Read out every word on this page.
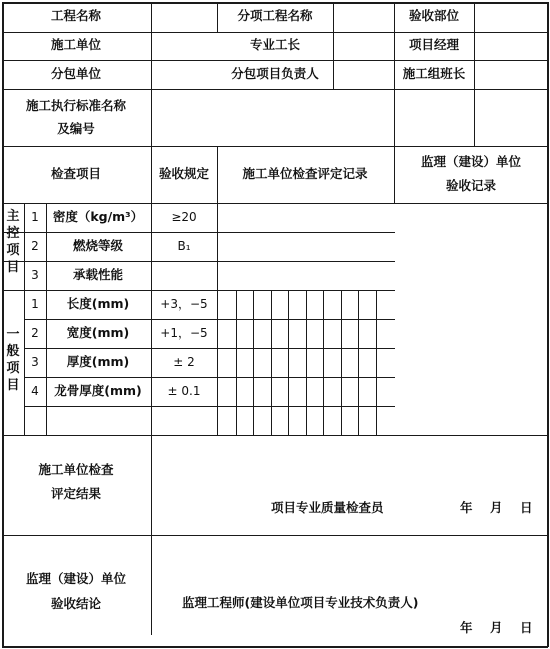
工程名称	分项工程名称	验收部位
施工单位	专业工长	项目经理
分包单位	分包项目负责人	施工组班长
施工执行标准名称
及编号
检查项目	验收规定	施工单位检查评定记录
监理（建设）单位
验收记录
主
控
项
目
1 密度（kg/m³） ≥20
2	燃烧等级	B₁
3	承载性能
一
般
项
目
1 长度(mm)	+3，−5
2 宽度(mm)	+1，−5
3 厚度(mm)	± 2
4 龙骨厚度(mm) ± 0.1
施工单位检查
评定结果
项目专业质量检查员	年 月 日
监理（建设）单位
验收结论	监理工程师(建设单位项目专业技术负责人)
年 月 日
